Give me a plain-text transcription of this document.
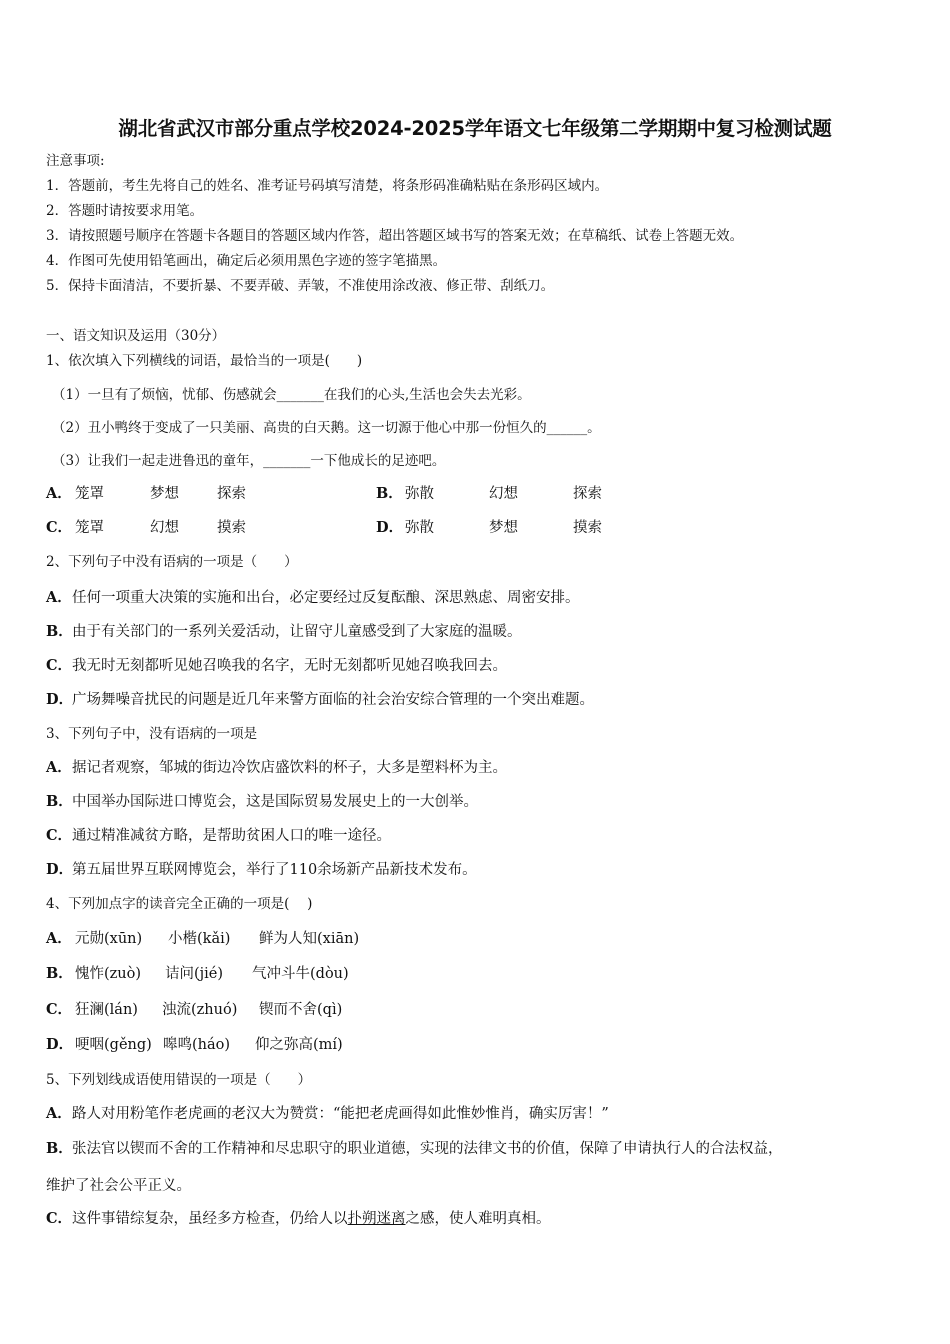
湖北省武汉市部分重点学校2024-2025学年语文七年级第二学期期中复习检测试题
注意事项:
1．答题前，考生先将自己的姓名、准考证号码填写清楚，将条形码准确粘贴在条形码区域内。
2．答题时请按要求用笔。
3．请按照题号顺序在答题卡各题目的答题区域内作答，超出答题区域书写的答案无效；在草稿纸、试卷上答题无效。
4．作图可先使用铅笔画出，确定后必须用黑色字迹的签字笔描黑。
5．保持卡面清洁，不要折暴、不要弄破、弄皱，不准使用涂改液、修正带、刮纸刀。
一、语文知识及运用（30分）
1、依次填入下列横线的词语，最恰当的一项是(　　)
（1）一旦有了烦恼，忧郁、伤感就会_______在我们的心头,生活也会失去光彩。
（2）丑小鸭终于变成了一只美丽、高贵的白天鹅。这一切源于他心中那一份恒久的______。
（3）让我们一起走进鲁迅的童年，_______一下他成长的足迹吧。
A． 笼罩	梦想	探索	B． 弥散	幻想	探索
C． 笼罩	幻想	摸索	D． 弥散	梦想	摸索
2、下列句子中没有语病的一项是（　　）
A．任何一项重大决策的实施和出台，必定要经过反复酝酿、深思熟虑、周密安排。
B．由于有关部门的一系列关爱活动，让留守儿童感受到了大家庭的温暖。
C．我无时无刻都听见她召唤我的名字，无时无刻都听见她召唤我回去。
D．广场舞噪音扰民的问题是近几年来警方面临的社会治安综合管理的一个突出难题。
3、下列句子中，没有语病的一项是
A．据记者观察，邹城的街边冷饮店盛饮料的杯子，大多是塑料杯为主。
B．中国举办国际进口博览会，这是国际贸易发展史上的一大创举。
C．通过精准减贫方略，是帮助贫困人口的唯一途径。
D．第五届世界互联网博览会，举行了110余场新产品新技术发布。
4、下列加点字的读音完全正确的一项是(　 )
A． 元勋(xūn) 小楷(kǎi) 鲜为人知(xiān)
B． 愧怍(zuò) 诘问(jié) 气冲斗牛(dòu)
C． 狂澜(lán) 浊流(zhuó) 锲而不舍(qì)
D． 哽咽(gěng) 嗥鸣(háo) 仰之弥高(mí)
5、下列划线成语使用错误的一项是（　　）
A．路人对用粉笔作老虎画的老汉大为赞赏：“能把老虎画得如此惟妙惟肖，确实厉害！”
B．张法官以锲而不舍的工作精神和尽忠职守的职业道德，实现的法律文书的价值，保障了申请执行人的合法权益，
维护了社会公平正义。
C．这件事错综复杂，虽经多方检查，仍给人以扑朔迷离之感，使人难明真相。
